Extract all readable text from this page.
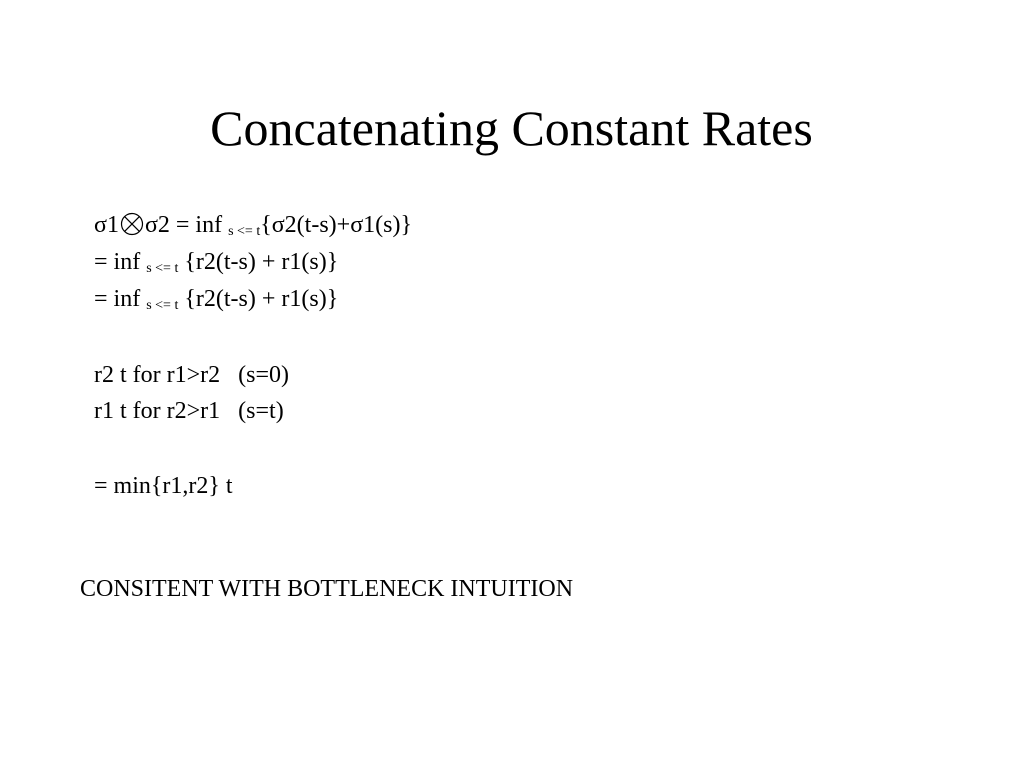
Concatenating Constant Rates
σ1 σ2 = inf $_{s <= t}${σ2(t-s)+σ1(s)}
= inf $_{s <= t}$ {r2(t-s) + r1(s)}
= inf $_{s <= t}$ {r2(t-s) + r1(s)}
r2 t for r1>r2   (s=0)
r1 t for r2>r1   (s=t)
= min{r1,r2} t
CONSITENT WITH BOTTLENECK INTUITION
